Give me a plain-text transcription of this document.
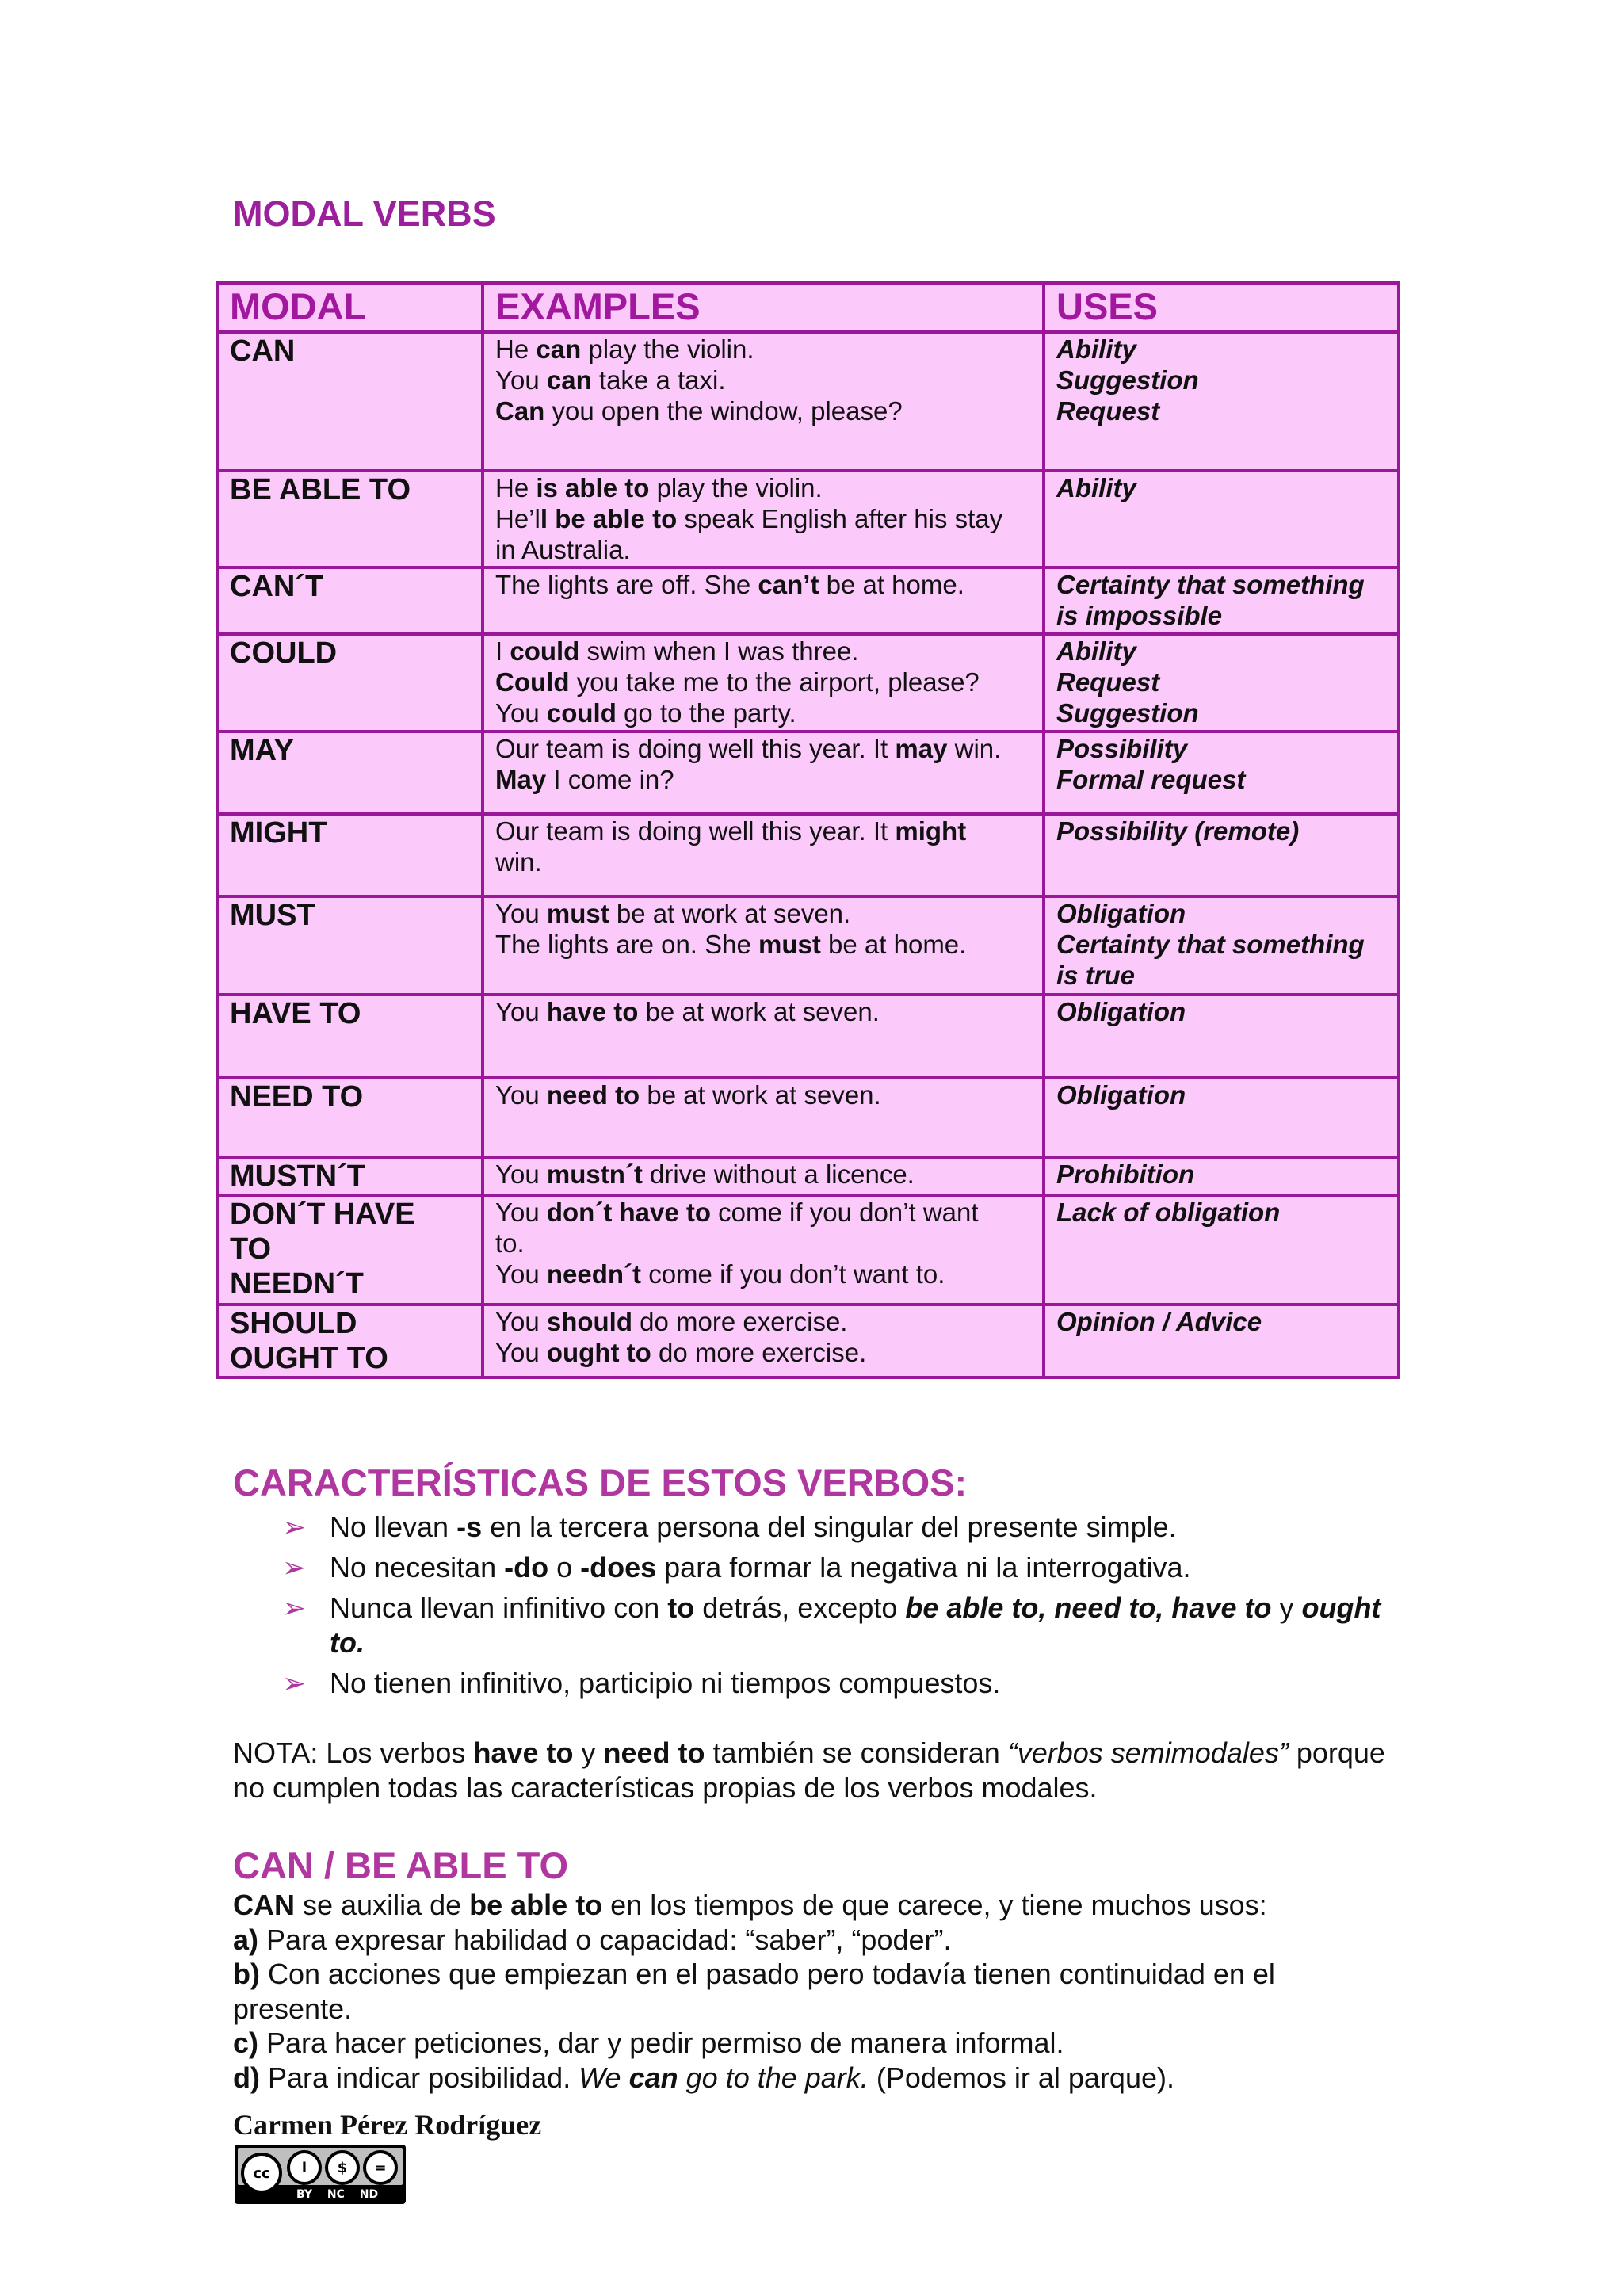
MODAL VERBS
MODAL	EXAMPLES	USES

CAN	He can play the violin.
You can take a taxi.
Can you open the window, please?	Ability
Suggestion
Request

BE ABLE TO	He is able to play the violin.
He’ll be able to speak English after his stay
in Australia.	Ability

CAN´T	The lights are off. She can’t be at home.	Certainty that something
is impossible

COULD	I could swim when I was three.
Could you take me to the airport, please?
You could go to the party.	Ability
Request
Suggestion

MAY	Our team is doing well this year. It may win.
May I come in?	Possibility
Formal request

MIGHT	Our team is doing well this year. It might
win.	Possibility (remote)

MUST	You must be at work at seven.
The lights are on. She must be at home.	Obligation
Certainty that something
is true

HAVE TO	You have to be at work at seven.	Obligation

NEED TO	You need to be at work at seven.	Obligation

MUSTN´T	You mustn´t drive without a licence.	Prohibition

DON´T HAVE
TO
NEEDN´T	You don´t have to come if you don’t want
to.
You needn´t come if you don’t want to.	Lack of obligation

SHOULD
OUGHT TO	You should do more exercise.
You ought to do more exercise.	Opinion / Advice
CARACTERÍSTICAS DE ESTOS VERBOS:
➢ No llevan -s en la tercera persona del singular del presente simple.
➢ No necesitan -do o -does para formar la negativa ni la interrogativa.
➢ Nunca llevan infinitivo con to detrás, excepto be able to, need to, have to y ought to.
➢ No tienen infinitivo, participio ni tiempos compuestos.
NOTA: Los verbos have to y need to también se consideran “verbos semimodales” porque no cumplen todas las características propias de los verbos modales.
CAN / BE ABLE TO
CAN se auxilia de be able to en los tiempos de que carece, y tiene muchos usos:
a) Para expresar habilidad o capacidad: “saber”, “poder”.
b) Con acciones que empiezan en el pasado pero todavía tienen continuidad en el presente.
c) Para hacer peticiones, dar y pedir permiso de manera informal.
d) Para indicar posibilidad. We can go to the park. (Podemos ir al parque).
Carmen Pérez Rodríguez
cc	i	$	=
BY NC ND
